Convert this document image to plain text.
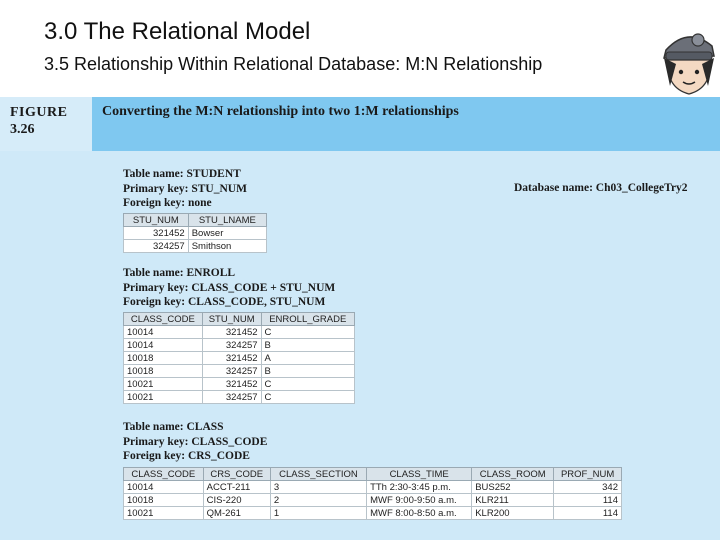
3.0 The Relational Model
3.5 Relationship Within Relational Database: M:N Relationship
FIGURE
3.26
Converting the M:N relationship into two 1:M relationships
Database name: Ch03_CollegeTry2
Table name: STUDENT
Primary key: STU_NUM
Foreign key: none
STU_NUM	STU_LNAME
321452	Bowser
324257	Smithson
Table name: ENROLL
Primary key: CLASS_CODE + STU_NUM
Foreign key: CLASS_CODE, STU_NUM
CLASS_CODE	STU_NUM	ENROLL_GRADE
10014	321452	C
10014	324257	B
10018	321452	A
10018	324257	B
10021	321452	C
10021	324257	C
Table name: CLASS
Primary key: CLASS_CODE
Foreign key: CRS_CODE
CLASS_CODE	CRS_CODE	CLASS_SECTION	CLASS_TIME	CLASS_ROOM	PROF_NUM
10014	ACCT-211	3	TTh 2:30-3:45 p.m.	BUS252	342
10018	CIS-220	2	MWF 9:00-9:50 a.m.	KLR211	114
10021	QM-261	1	MWF 8:00-8:50 a.m.	KLR200	114
